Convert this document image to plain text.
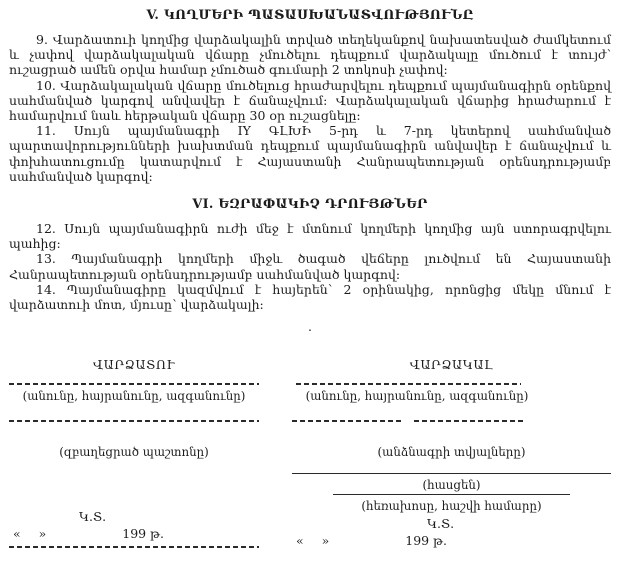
V. ԿՈՂՄԵՐԻ ՊԱՏԱՍԽԱՆԱՏՎՈՒԹՅՈՒՆԸ

9. Վարձատուի կողմից վարձակալին տրված տեղեկանքով նախատեսված ժամկետում և չափով վարձակալական վճարը չմուծելու դեպքում վարձակալը մուծում է տույժ՝ ուշացրած ամեն օրվա համար չմուծած գումարի 2 տոկոսի չափով:

10. Վարձակալական վճարը մուծելուց հրաժարվելու դեպքում պայմանագիրն օրենքով սահմանված կարգով անվավեր է ճանաչվում: Վարձակալական վճարից հրաժարում է համարվում նաև հերթական վճարը 30 օր ուշացնելը:

11. Սույն պայմանագրի IY ԳԼԽԻ 5-րդ և 7-րդ կետերով սահմանված պարտավորությունների խախտման դեպքում պայմանագիրն անվավեր է ճանաչվում և փոխհատուցումը կատարվում է Հայաստանի Հանրապետության օրենսդրությամբ սահմանված կարգով:

VI. ԵԶՐԱՓԱԿԻՉ ԴՐՈՒՅԹՆԵՐ

12. Սույն պայմանագիրն ուժի մեջ է մտնում կողմերի կողմից այն ստորագրվելու պահից:

13. Պայմանագրի կողմերի միջև ծագած վեճերը լուծվում են Հայաստանի Հանրապետության օրենսդրությամբ սահմանված կարգով:

14. Պայմանագիրը կազմվում է հայերեն՝ 2 օրինակից, որոնցից մեկը մնում է վարձատուի մոտ, մյուսը՝ վարձակալի:

.
ՎԱՐՁԱՏՈՒ
(անունը, հայրանունը, ազգանունը)
(զբաղեցրած պաշտոնը)
Կ.Տ.
« »	199 թ.
ՎԱՐՁԱԿԱԼ
(անունը, հայրանունը, ազգանունը)
(անձնագրի տվյալները)
(հասցեն)
(հեռախոսը, հաշվի համարը)
Կ.Տ.
« »	199 թ.
